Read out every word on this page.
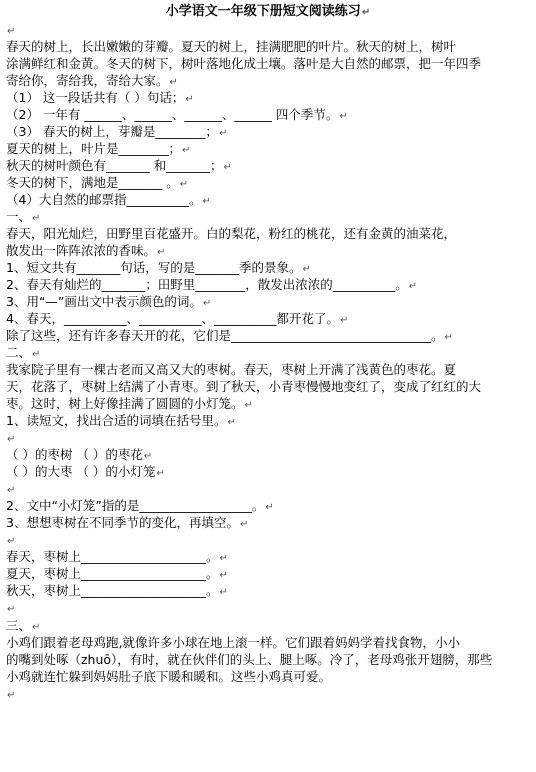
小学语文一年级下册短文阅读练习↵
↵
春天的树上，长出嫩嫩的芽瓣。夏天的树上，挂满肥肥的叶片。秋天的树上，树叶
涂满鲜红和金黄。冬天的树下，树叶落地化成土壤。落叶是大自然的邮票，把一年四季
寄给你，寄给我，寄给大家。↵
（1） 这一段话共有（ ）句话；↵
（2） 一年有 ______、______、______、______ 四个季节。↵
（3） 春天的树上，芽瓣是________；↵
夏天的树上，叶片是________；↵
秋天的树叶颜色有_______ 和_______；↵
冬天的树下，满地是_______ 。↵
（4）大自然的邮票指__________。↵
一、↵
春天，阳光灿烂，田野里百花盛开。白的梨花，粉红的桃花，还有金黄的油菜花，
散发出一阵阵浓浓的香味。↵
1、短文共有_______句话，写的是_______季的景象。↵
2、春天有灿烂的_______；田野里________，散发出浓浓的__________。↵
3、用“—”画出文中表示颜色的词。↵
4、春天，__________、__________、__________都开花了。↵
除了这些，还有许多春天开的花，它们是________________________________。↵
二、↵
我家院子里有一棵古老而又高又大的枣树。春天，枣树上开满了浅黄色的枣花。夏
天，花落了，枣树上结满了小青枣。到了秋天，小青枣慢慢地变红了，变成了红红的大
枣。这时，树上好像挂满了圆圆的小灯笼。↵
1、读短文，找出合适的词填在括号里。↵
↵
（ ）的枣树 （ ）的枣花↵
（ ）的大枣 （ ）的小灯笼↵
↵
2、文中“小灯笼”指的是__________________。↵
3、想想枣树在不同季节的变化，再填空。↵
↵
春天，枣树上____________________。↵
夏天，枣树上____________________。↵
秋天，枣树上____________________。↵
↵
三、↵
小鸡们跟着老母鸡跑,就像许多小球在地上滚一样。它们跟着妈妈学着找食物，小小
的嘴到处啄（zhuō），有时，就在伙伴们的头上、腿上啄。冷了，老母鸡张开翅膀，那些
小鸡就连忙躲到妈妈肚子底下暖和暖和。这些小鸡真可爱。
↵
